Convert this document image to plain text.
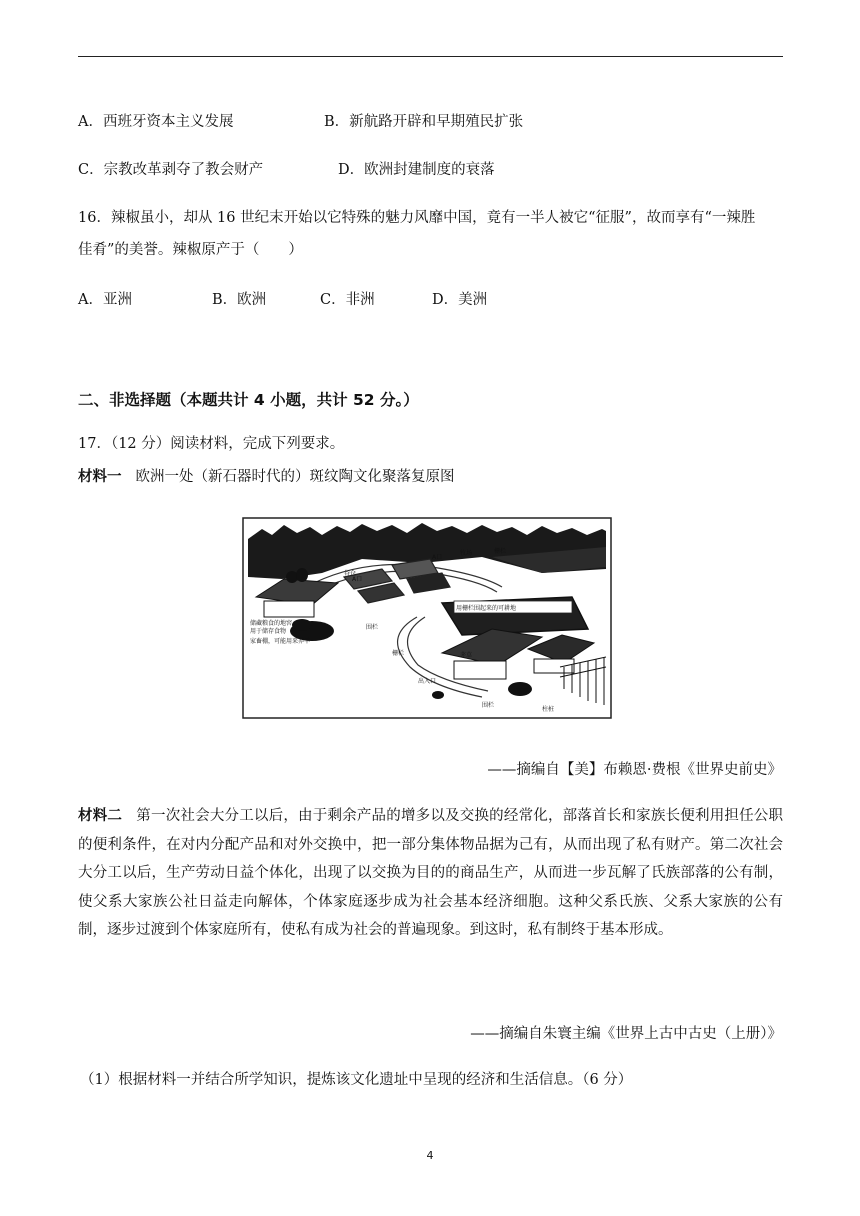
A．西班牙资本主义发展	B．新航路开辟和早期殖民扩张
C．宗教改革剥夺了教会财产	D．欧洲封建制度的衰落
16．辣椒虽小，却从 16 世纪末开始以它特殊的魅力风靡中国，竟有一半人被它“征服”，故而享有“一辣胜
佳肴”的美誉。辣椒原产于（　　）
A．亚洲	B．欧洲	C．非洲	D．美洲
二、非选择题（本题共计 4 小题，共计 52 分。）
17．（12 分）阅读材料，完成下列要求。
材料一 欧洲一处（新石器时代的）斑纹陶文化聚落复原图
A口
A口
牧场	栅栏
用栅栏围起来的可耕地
谷仓
储藏粮食的地窖
用于储存食物
家畜棚，可能用来养羊
围栏
栅栏	茅草
出入口
A墓葬
围栏
柱桩
——摘编自【美】布赖恩·费根《世界史前史》
材料二 第一次社会大分工以后，由于剩余产品的增多以及交换的经常化，部落首长和家族长便利用担任公职的便利条件，在对内分配产品和对外交换中，把一部分集体物品据为己有，从而出现了私有财产。第二次社会大分工以后，生产劳动日益个体化，出现了以交换为目的的商品生产，从而进一步瓦解了氏族部落的公有制，使父系大家族公社日益走向解体，个体家庭逐步成为社会基本经济细胞。这种父系氏族、父系大家族的公有制，逐步过渡到个体家庭所有，使私有成为社会的普遍现象。到这时，私有制终于基本形成。
——摘编自朱寰主编《世界上古中古史（上册）》
（1）根据材料一并结合所学知识，提炼该文化遗址中呈现的经济和生活信息。（6 分）
4
